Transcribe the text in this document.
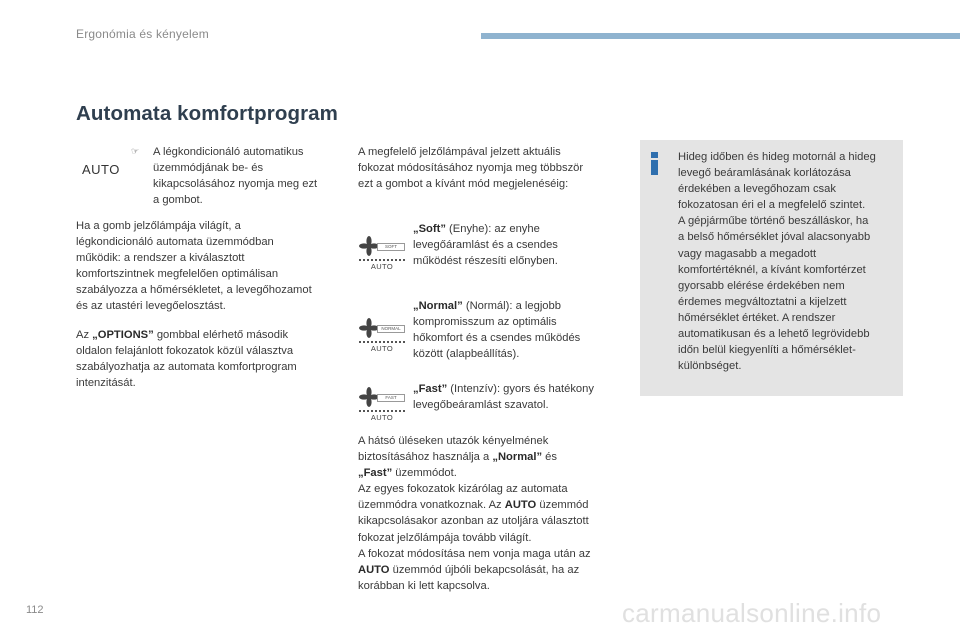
Ergonómia és kényelem
Automata komfortprogram
AUTO
☞ A légkondicionáló automatikus
üzemmódjának be- és
kikapcsolásához nyomja meg ezt
a gombot.
Ha a gomb jelzőlámpája világít, a
légkondicionáló automata üzemmódban
működik: a rendszer a kiválasztott
komfortszintnek megfelelően optimálisan
szabályozza a hőmérsékletet, a levegőhozamot
és az utastéri levegőelosztást.
Az „OPTIONS” gombbal elérhető második
oldalon felajánlott fokozatok közül választva
szabályozhatja az automata komfortprogram
intenzitását.
A megfelelő jelzőlámpával jelzett aktuális
fokozat módosításához nyomja meg többször
ezt a gombot a kívánt mód megjelenéséig:
SOFT
AUTO
„Soft” (Enyhe): az enyhe
levegőáramlást és a csendes
működést részesíti előnyben.
NORMAL
AUTO
„Normal” (Normál): a legjobb
kompromisszum az optimális
hőkomfort és a csendes működés
között (alapbeállítás).
FAST
AUTO
„Fast” (Intenzív): gyors és hatékony
levegőbeáramlást szavatol.
A hátsó üléseken utazók kényelmének
biztosításához használja a „Normal” és
„Fast” üzemmódot.
Az egyes fokozatok kizárólag az automata
üzemmódra vonatkoznak. Az AUTO üzemmód
kikapcsolásakor azonban az utoljára választott
fokozat jelzőlámpája tovább világít.
A fokozat módosítása nem vonja maga után az
AUTO üzemmód újbóli bekapcsolását, ha az
korábban ki lett kapcsolva.
Hideg időben és hideg motornál a hideg
levegő beáramlásának korlátozása
érdekében a levegőhozam csak
fokozatosan éri el a megfelelő szintet.
A gépjárműbe történő beszálláskor, ha
a belső hőmérséklet jóval alacsonyabb
vagy magasabb a megadott
komfortértéknél, a kívánt komfortérzet
gyorsabb elérése érdekében nem
érdemes megváltoztatni a kijelzett
hőmérséklet értéket. A rendszer
automatikusan és a lehető legrövidebb
időn belül kiegyenlíti a hőmérséklet-
különbséget.
112	carmanualsonline.info
